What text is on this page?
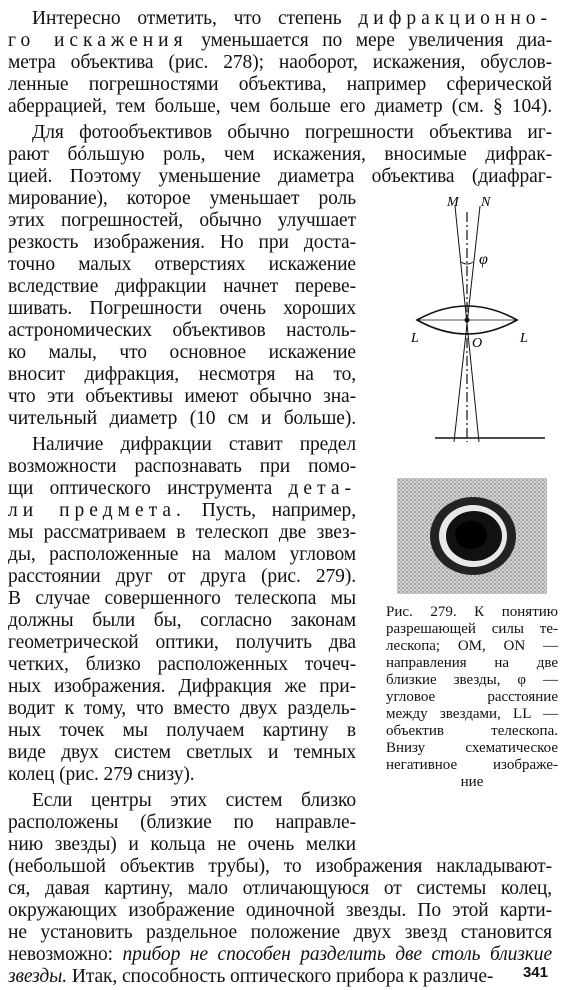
Интересно отметить, что степень дифракционно-
го искажения уменьшается по мере увеличения диа-
метра объектива (рис. 278); наоборот, искажения, обуслов-
ленные погрешностями объектива, например сферической
аберрацией, тем больше, чем больше его диаметр (см. § 104).
Для фотообъективов обычно погрешности объектива иг-
рают бóльшую роль, чем искажения, вносимые дифрак-
цией. Поэтому уменьшение диаметра объектива (диафраг-
мирование), которое уменьшает роль
этих погрешностей, обычно улучшает
резкость изображения. Но при доста-
точно малых отверстиях искажение
вследствие дифракции начнет переве-
шивать. Погрешности очень хороших
астрономических объективов настоль-
ко малы, что основное искажение
вносит дифракция, несмотря на то,
что эти объективы имеют обычно зна-
чительный диаметр (10 см и больше).
Наличие дифракции ставит предел
возможности распознавать при помо-
щи оптического инструмента дета-
ли предмета. Пусть, например,
мы рассматриваем в телескоп две звез-
ды, расположенные на малом угловом
расстоянии друг от друга (рис. 279).
В случае совершенного телескопа мы
должны были бы, согласно законам
геометрической оптики, получить два
четких, близко расположенных точеч-
ных изображения. Дифракция же при-
водит к тому, что вместо двух раздель-
ных точек мы получаем картину в
виде двух систем светлых и темных
колец (рис. 279 снизу).
Если центры этих систем близко
расположены (близкие по направле-
нию звезды) и кольца не очень мелки
(небольшой объектив трубы), то изображения накладывают-
ся, давая картину, мало отличающуюся от системы колец,
окружающих изображение одиночной звезды. По этой карти-
не установить раздельное положение двух звезд становится
невозможно: прибор не способен разделить две столь близкие
звезды. Итак, способность оптического прибора к различе-
M N
φ
L	O	L
Рис. 279. К понятию
разрешающей силы те-
лескопа; OM, ON —
направления на две
близкие звезды, φ —
угловое расстояние
между звездами, LL —
объектив телескопа.
Внизу схематическое
негативное изображе-
ние
341
